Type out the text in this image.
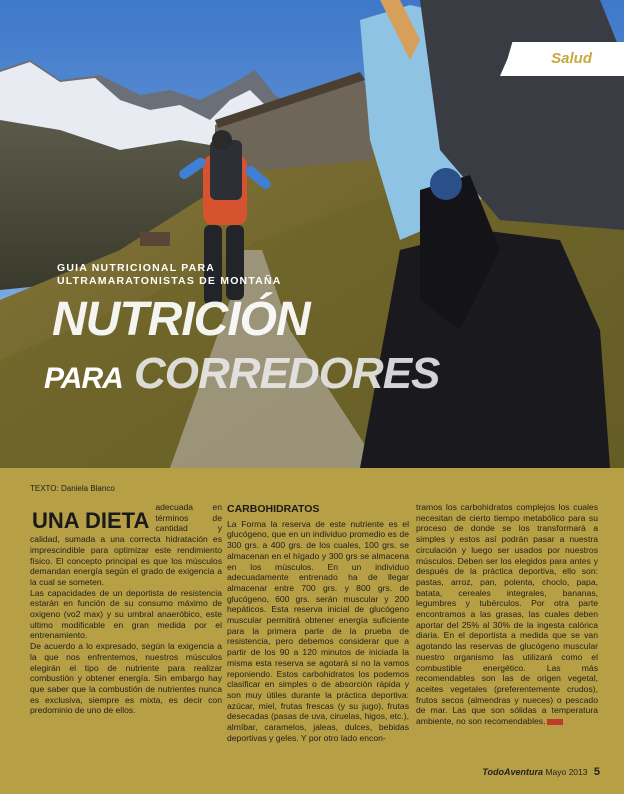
Salud
GUIA NUTRICIONAL PARA
ULTRAMARATONISTAS DE MONTAÑA
NUTRICIÓN
PARA CORREDORES
TEXTO: Daniela Blanco

UNA DIETA
adecuada en términos de cantidad y calidad, sumada a una correcta hidratación es imprescindible para optimizar este rendimiento físico. El concepto principal es que los músculos demandan energía según el grado de exigencia a la cual se someten.

Las capacidades de un deportista de resistencia estarán en función de su consumo máximo de oxigeno (vo2 max) y su umbral anaeróbico, este ultimo modificable en gran medida por el entrenamiento.

De acuerdo a lo expresado, según la exigencia a la que nos enfrentemos, nuestros músculos elegirán el tipo de nutriente para realizar combustión y obtener energía. Sin embargo hay que saber que la combustión de nutrientes nunca es exclusiva, siempre es mixta, es decir con predominio de uno de ellos.

CARBOHIDRATOS

La Forma la reserva de este nutriente es el glucógeno, que en un individuo promedio es de 300 grs. a 400 grs. de los cuales, 100 grs. se almacenan en el hígado y 300 grs se almacena en los músculos. En un individuo adecuadamente entrenado ha de llegar almacenar entre 700 grs. y 800 grs. de glucógeno, 600 grs. serán muscular y 200 hepáticos. Esta reserva inicial de glucógeno muscular permitirá obtener energía suficiente para la primera parte de la prueba de resistencia, pero debemos considerar que a partir de los 90 a 120 minutos de iniciada la misma esta reserva se agotará si no la vamos reponiendo. Estos carbohidratos los podemos clasificar en simples o de absorción rápida y son muy útiles durante la práctica deportiva: azúcar, miel, frutas frescas (y su jugo), frutas desecadas (pasas de uva, ciruelas, higos, etc.), almíbar, caramelos, jaleas, dulces, bebidas deportivas y geles. Y por otro lado encon-

tramos los carbohidratos complejos los cuales necesitan de cierto tiempo metabólico para su proceso de donde se los transformará a simples y estos así podrán pasar a nuestra circulación y luego ser usados por nuestros músculos. Deben ser los elegidos para antes y después de la práctica deportiva, ello son: pastas, arroz, pan, polenta, choclo, papa, batata, cereales integrales, bananas, legumbres y tubérculos. Por otra parte encontramos a las grasas, las cuales deben aportar del 25% al 30% de la ingesta calórica diaria. En el deportista a medida que se van agotando las reservas de glucógeno muscular nuestro organismo las utilizará como el combustible energético. Las más recomendables son las de origen vegetal, aceites vegetales (preferentemente crudos), frutos secos (almendras y nueces) o pescado de mar. Las que son sólidas a temperatura ambiente, no son recomendables.

TodoAventura Mayo 2013 5
